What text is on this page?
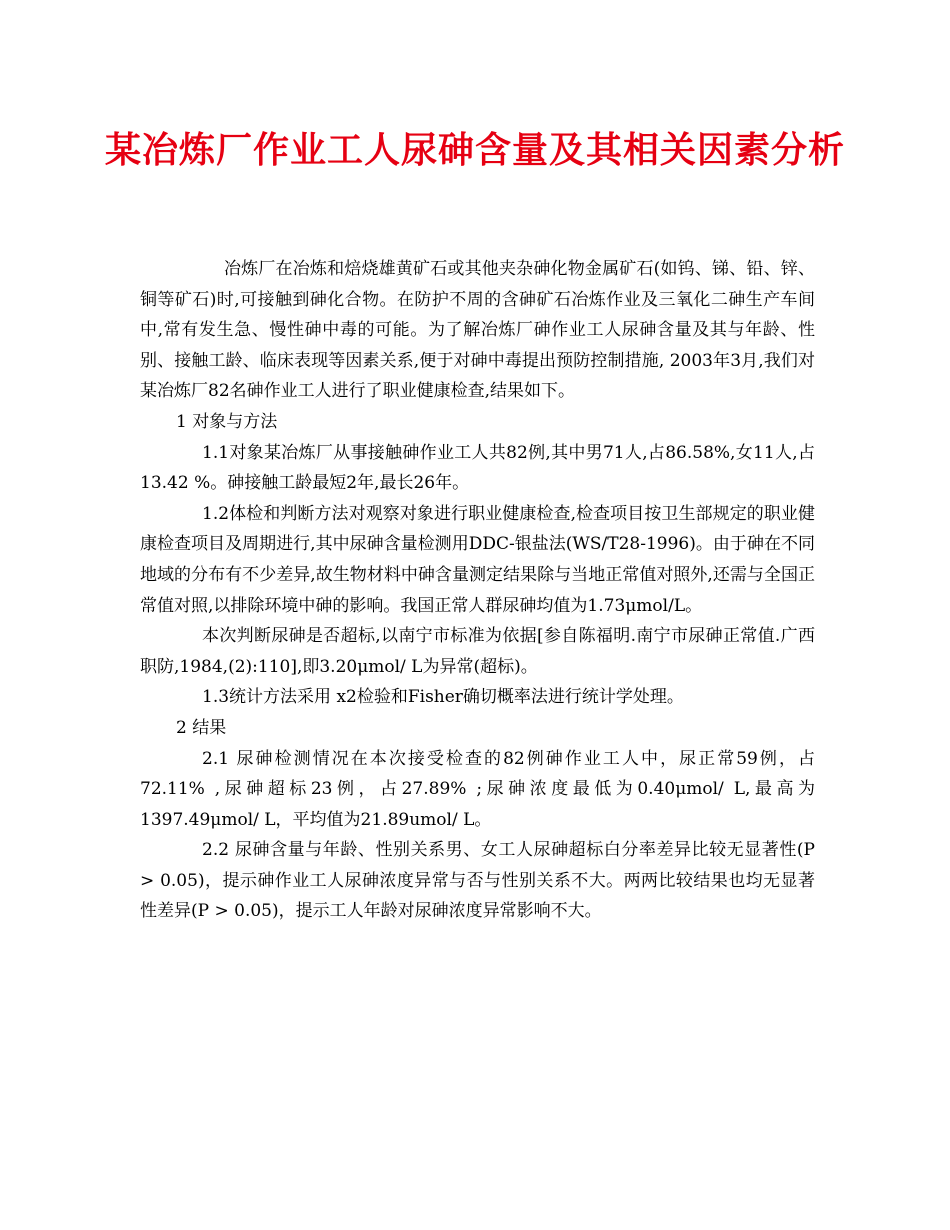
某冶炼厂作业工人尿砷含量及其相关因素分析

冶炼厂在冶炼和焙烧雄黄矿石或其他夹杂砷化物金属矿石(如钨、锑、铅、锌、铜等矿石)时,可接触到砷化合物。在防护不周的含砷矿石冶炼作业及三氧化二砷生产车间中,常有发生急、慢性砷中毒的可能。为了解冶炼厂砷作业工人尿砷含量及其与年龄、性别、接触工龄、临床表现等因素关系,便于对砷中毒提出预防控制措施, 2003年3月,我们对某冶炼厂82名砷作业工人进行了职业健康检查,结果如下。

1 对象与方法

1.1对象某冶炼厂从事接触砷作业工人共82例,其中男71人,占86.58%,女11人,占13.42 %。砷接触工龄最短2年,最长26年。

1.2体检和判断方法对观察对象进行职业健康检查,检查项目按卫生部规定的职业健康检查项目及周期进行,其中尿砷含量检测用DDC-银盐法(WS/T28-1996)。由于砷在不同地域的分布有不少差异,故生物材料中砷含量测定结果除与当地正常值对照外,还需与全国正常值对照,以排除环境中砷的影响。我国正常人群尿砷均值为1.73μmol/L。

本次判断尿砷是否超标,以南宁市标准为依据[参自陈福明.南宁市尿砷正常值.广西职防,1984,(2):110],即3.20μmol/ L为异常(超标)。

1.3统计方法采用 x2检验和Fisher确切概率法进行统计学处理。

2 结果

2.1 尿砷检测情况在本次接受检查的82例砷作业工人中，尿正常59例，占72.11% ,尿砷超标23例，占27.89% ;尿砷浓度最低为0.40μmol/ L,最高为1397.49μmol/ L，平均值为21.89umol/ L。

2.2 尿砷含量与年龄、性别关系男、女工人尿砷超标白分率差异比较无显著性(P > 0.05)，提示砷作业工人尿砷浓度异常与否与性别关系不大。两两比较结果也均无显著性差异(P > 0.05)，提示工人年龄对尿砷浓度异常影响不大。
